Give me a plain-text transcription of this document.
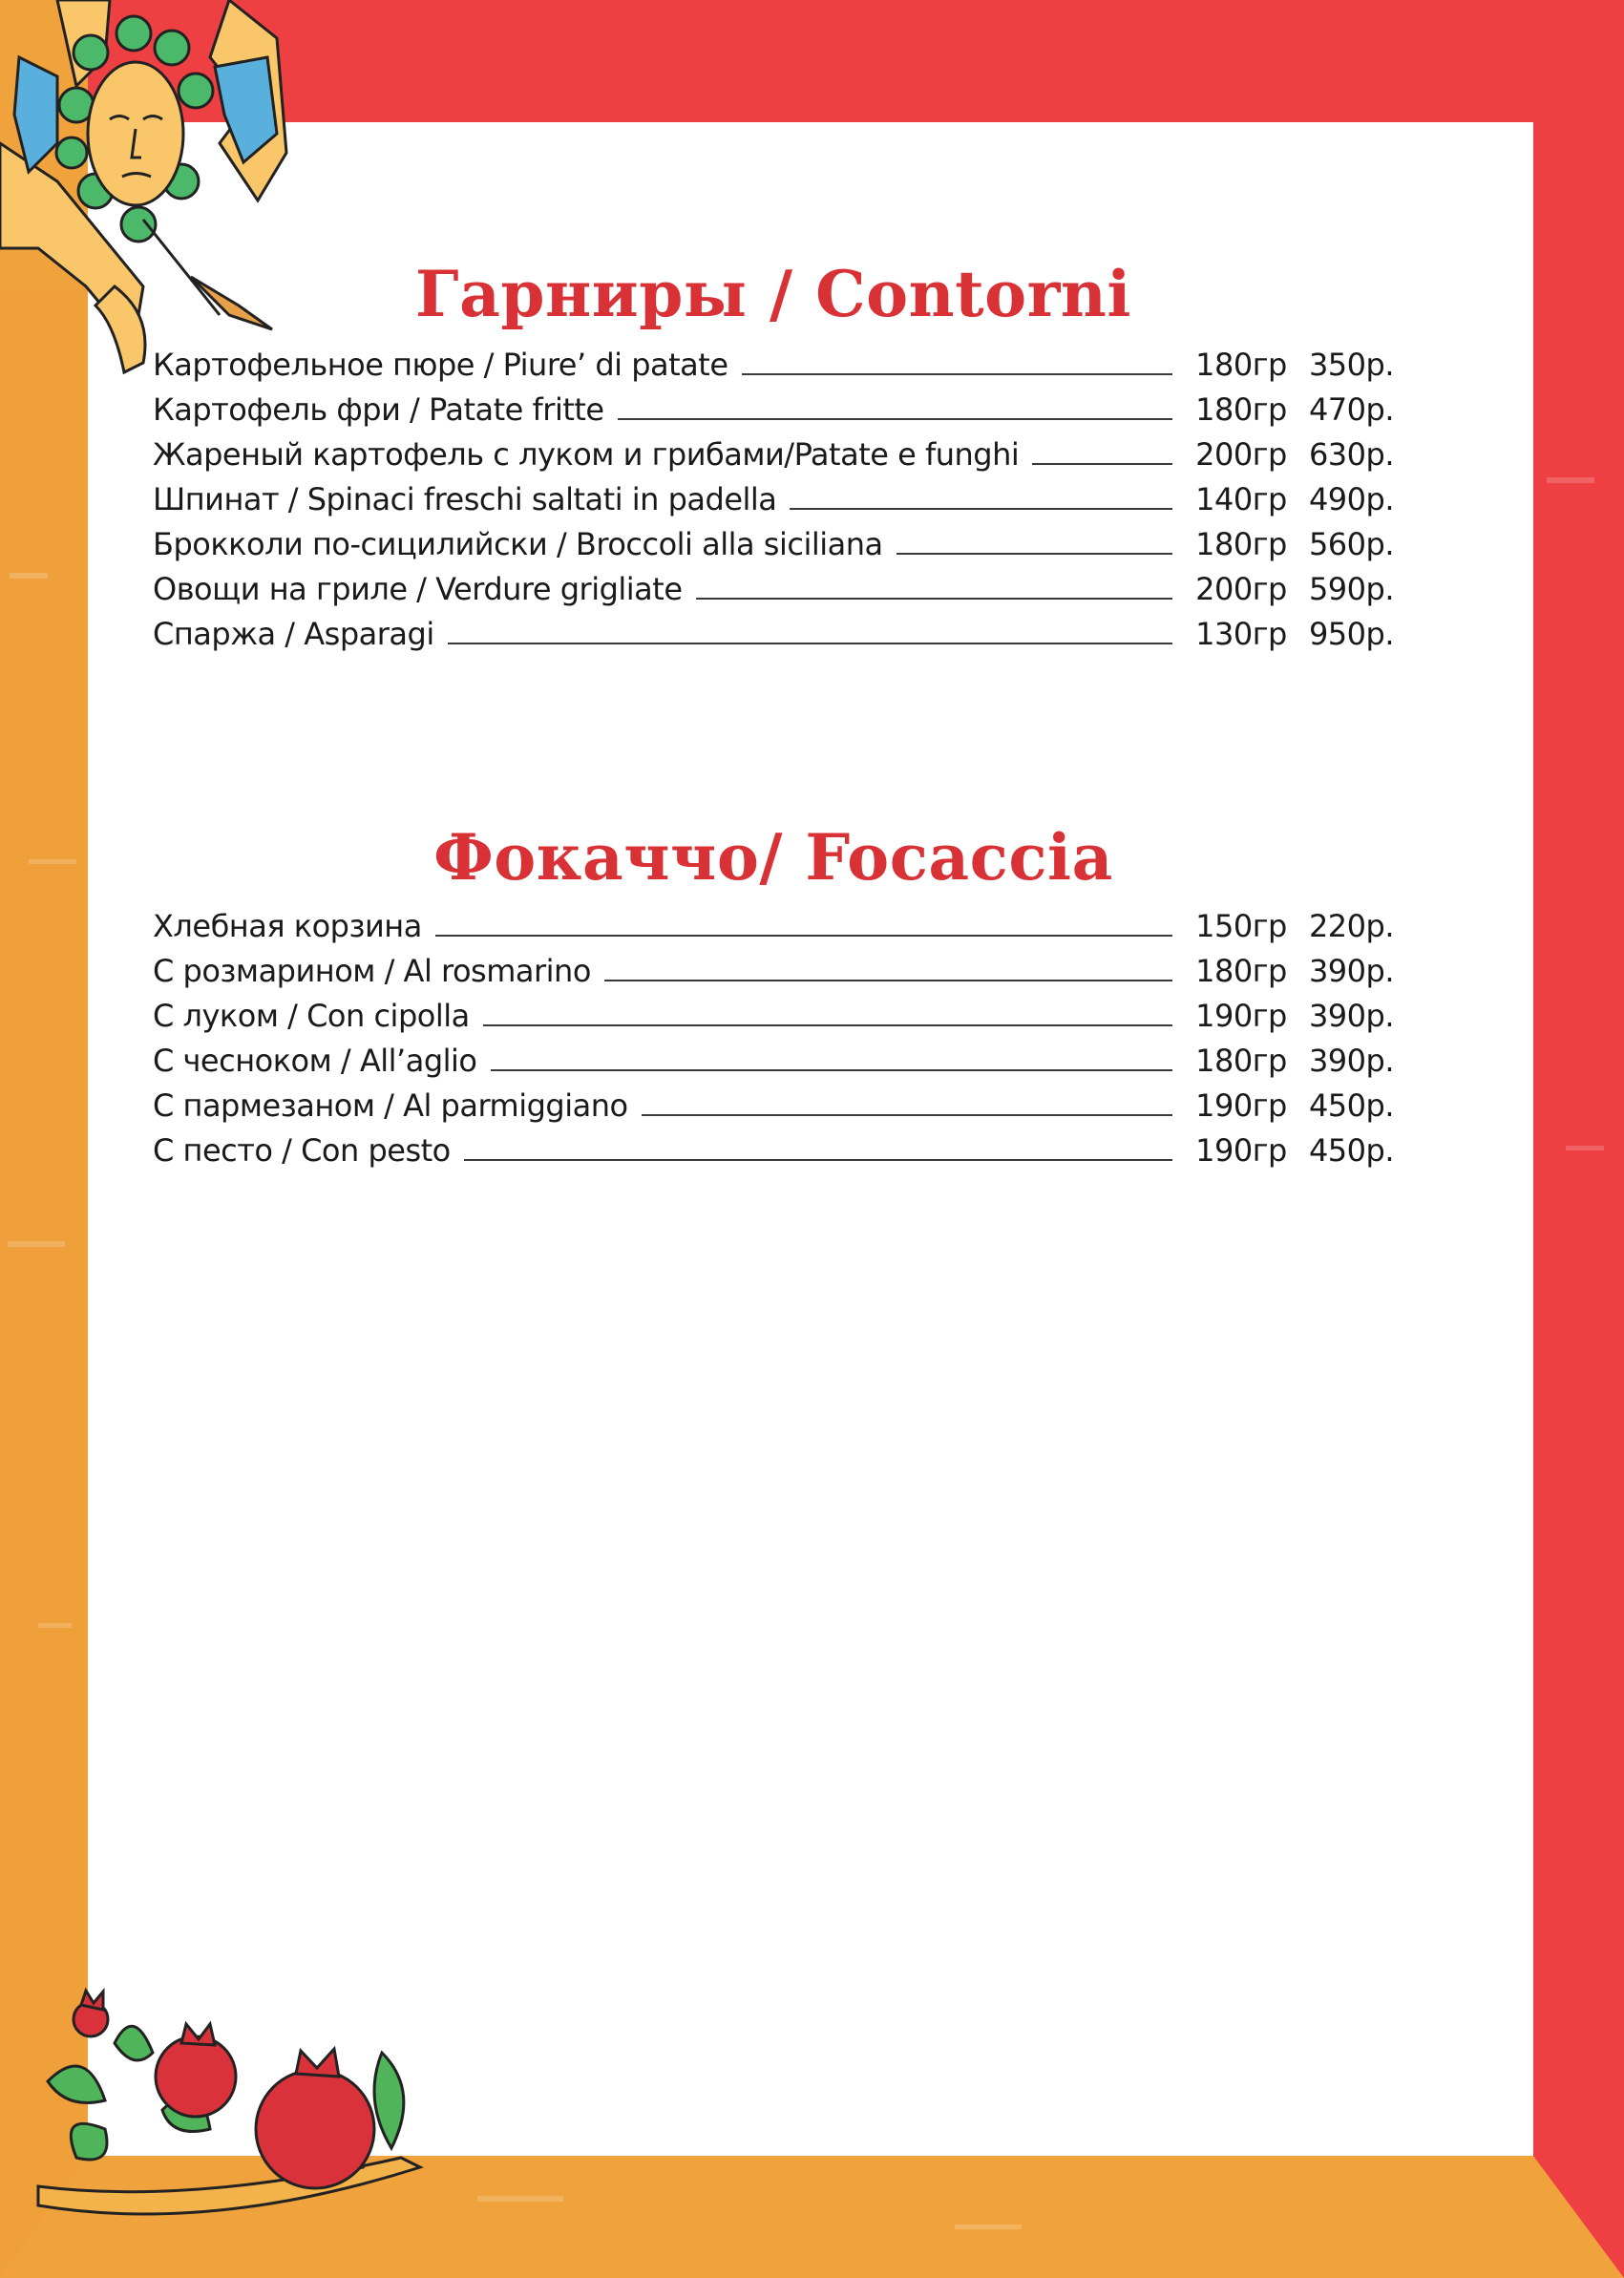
Гарниры / Contorni
Картофельное пюре / Piure’ di patate	180гр 350р.
Картофель фри / Patate fritte	180гр 470р.
Жареный картофель с луком и грибами/Patate e funghi	200гр 630р.
Шпинат / Spinaci freschi saltati in padella	140гр 490р.
Брокколи по-сицилийски / Broccoli alla siciliana	180гр 560р.
Овощи на гриле / Verdure grigliate	200гр 590р.
Спаржа / Asparagi	130гр 950р.
Фокаччо/ Focaccia
Хлебная корзина	150гр 220р.
С розмарином / Al rosmarino	180гр 390р.
С луком / Con cipolla	190гр 390р.
С чесноком / All’aglio	180гр 390р.
С пармезаном / Al parmiggiano	190гр 450р.
С песто / Con pesto	190гр 450р.
